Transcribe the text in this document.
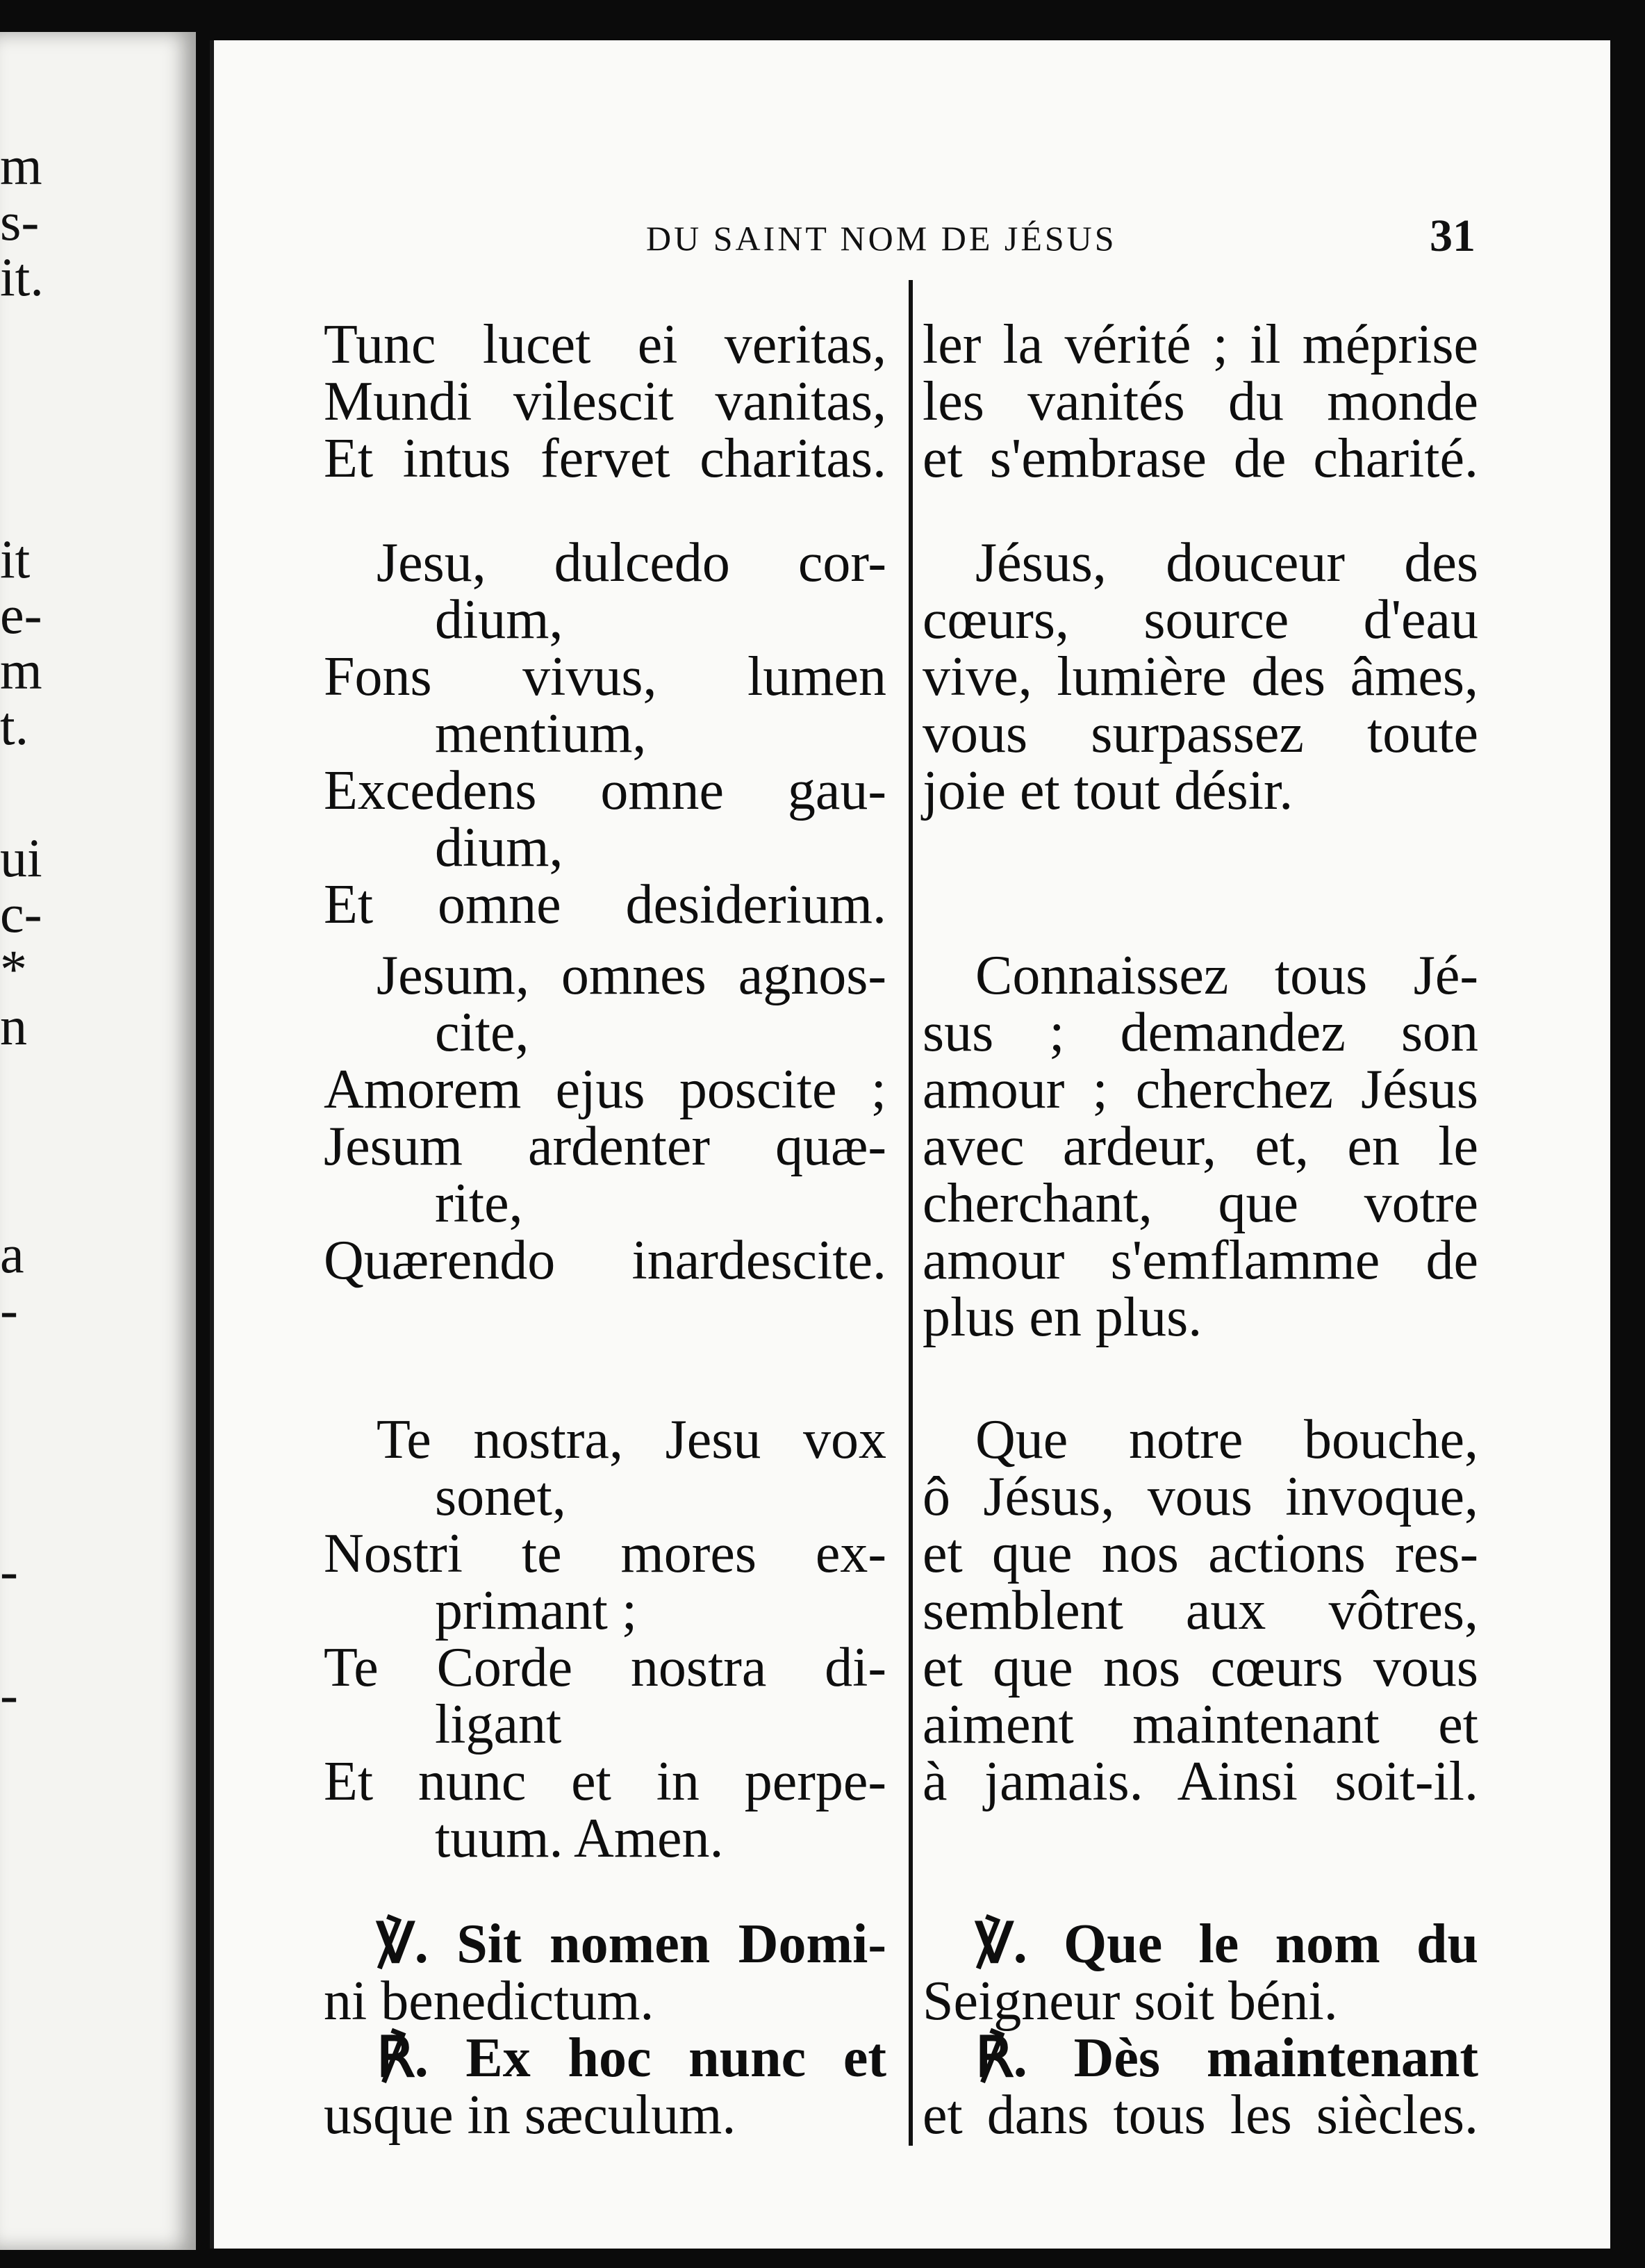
m
s-
it.
it
e-
m
t.
ui
c-
*
n
a
-
-
-
DU SAINT NOM DE JÉSUS	31
Tunc lucet ei veritas,
Mundi vilescit vanitas,
Et intus fervet charitas.
Jesu, dulcedo cor-
dium,
Fons vivus, lumen
mentium,
Excedens omne gau-
dium,
Et omne desiderium.
Jesum, omnes agnos-
cite,
Amorem ejus poscite ;
Jesum ardenter quæ-
rite,
Quærendo inardescite.
Te nostra, Jesu vox
sonet,
Nostri te mores ex-
primant ;
Te Corde nostra di-
ligant
Et nunc et in perpe-
tuum. Amen.
℣. Sit nomen Domi-
ni benedictum.
℟. Ex hoc nunc et
usque in sæculum.
ler la vérité ; il méprise
les vanités du monde
et s'embrase de charité.
Jésus, douceur des
cœurs, source d'eau
vive, lumière des âmes,
vous surpassez toute
joie et tout désir.
Connaissez tous Jé-
sus ; demandez son
amour ; cherchez Jésus
avec ardeur, et, en le
cherchant, que votre
amour s'emflamme de
plus en plus.
Que notre bouche,
ô Jésus, vous invoque,
et que nos actions res-
semblent aux vôtres,
et que nos cœurs vous
aiment maintenant et
à jamais. Ainsi soit-il.
℣. Que le nom du
Seigneur soit béni.
℟. Dès maintenant
et dans tous les siècles.
